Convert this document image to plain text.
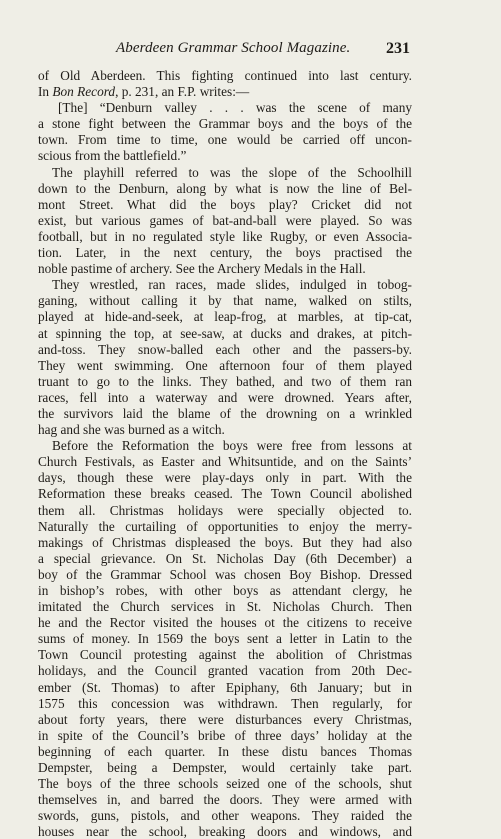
Aberdeen Grammar School Magazine. 231
of Old Aberdeen. This fighting continued into last century.
In Bon Record, p. 231, an F.P. writes:—
[The] “Denburn valley . . . was the scene of many
a stone fight between the Grammar boys and the boys of the
town. From time to time, one would be carried off uncon-
scious from the battlefield.”
The playhill referred to was the slope of the Schoolhill
down to the Denburn, along by what is now the line of Bel-
mont Street. What did the boys play? Cricket did not
exist, but various games of bat-and-ball were played. So was
football, but in no regulated style like Rugby, or even Associa-
tion. Later, in the next century, the boys practised the
noble pastime of archery. See the Archery Medals in the Hall.
They wrestled, ran races, made slides, indulged in tobog-
ganing, without calling it by that name, walked on stilts,
played at hide-and-seek, at leap-frog, at marbles, at tip-cat,
at spinning the top, at see-saw, at ducks and drakes, at pitch-
and-toss. They snow-balled each other and the passers-by.
They went swimming. One afternoon four of them played
truant to go to the links. They bathed, and two of them ran
races, fell into a waterway and were drowned. Years after,
the survivors laid the blame of the drowning on a wrinkled
hag and she was burned as a witch.
Before the Reformation the boys were free from lessons at
Church Festivals, as Easter and Whitsuntide, and on the Saints’
days, though these were play-days only in part. With the
Reformation these breaks ceased. The Town Council abolished
them all. Christmas holidays were specially objected to.
Naturally the curtailing of opportunities to enjoy the merry-
makings of Christmas displeased the boys. But they had also
a special grievance. On St. Nicholas Day (6th December) a
boy of the Grammar School was chosen Boy Bishop. Dressed
in bishop’s robes, with other boys as attendant clergy, he
imitated the Church services in St. Nicholas Church. Then
he and the Rector visited the houses ot the citizens to receive
sums of money. In 1569 the boys sent a letter in Latin to the
Town Council protesting against the abolition of Christmas
holidays, and the Council granted vacation from 20th Dec-
ember (St. Thomas) to after Epiphany, 6th January; but in
1575 this concession was withdrawn. Then regularly, for
about forty years, there were disturbances every Christmas,
in spite of the Council’s bribe of three days’ holiday at the
beginning of each quarter. In these distu bances Thomas
Dempster, being a Dempster, would certainly take part.
The boys of the three schools seized one of the schools, shut
themselves in, and barred the doors. They were armed with
swords, guns, pistols, and other weapons. They raided the
houses near the school, breaking doors and windows, and
